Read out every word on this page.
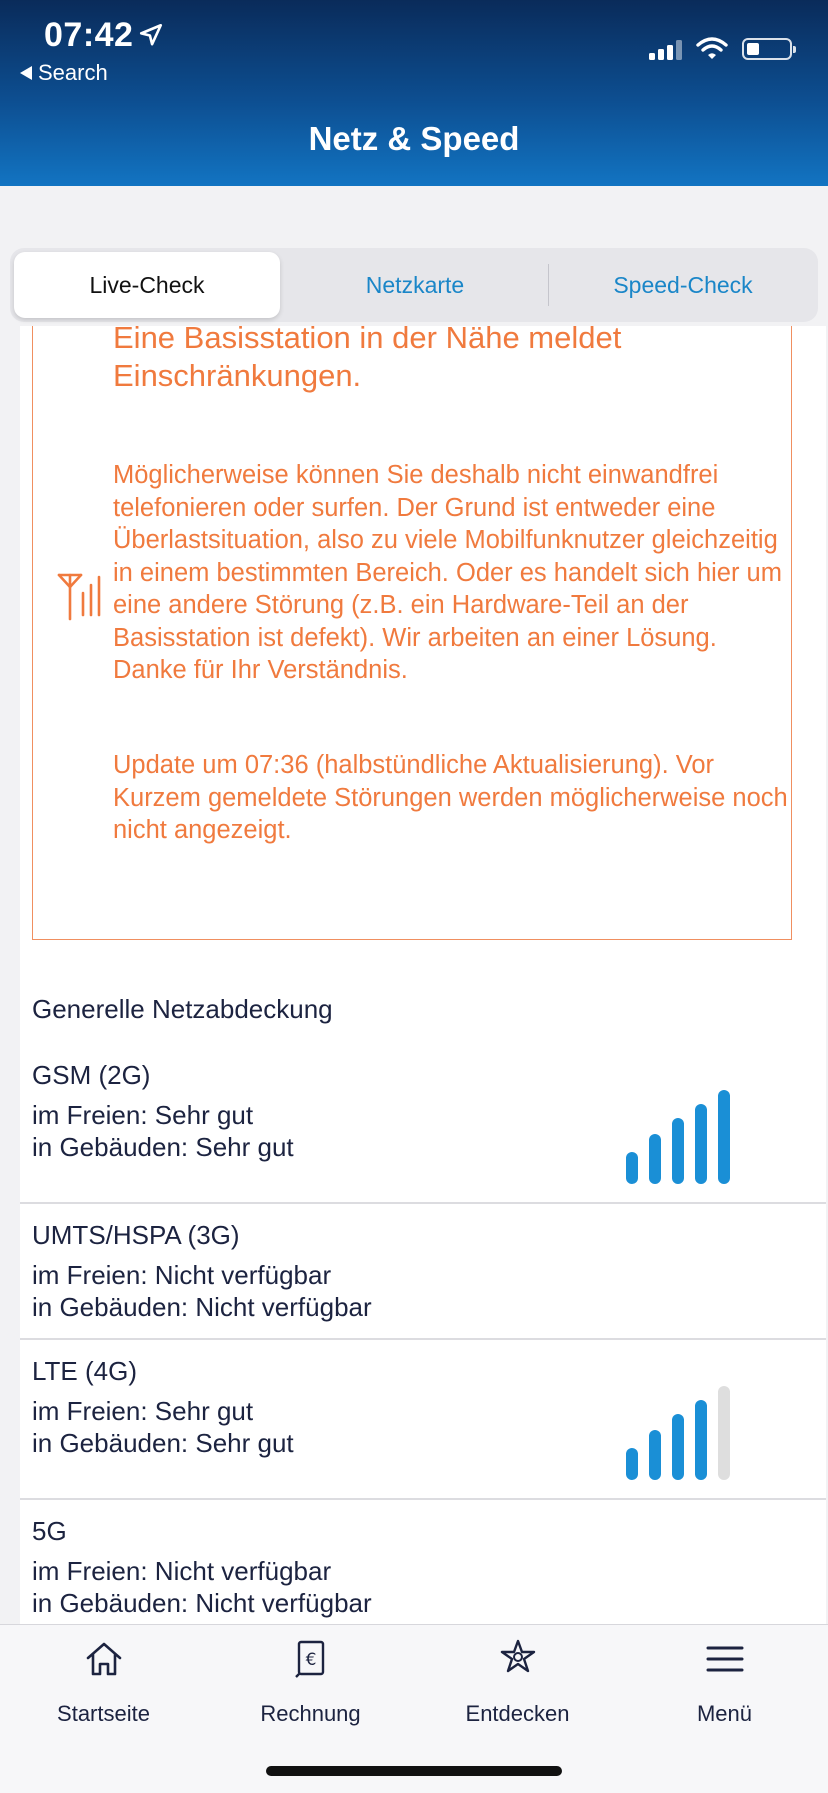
07:42
Search
Netz & Speed
Live-Check	Netzkarte	Speed-Check
Eine Basisstation in der Nähe meldet Einschränkungen.
Möglicherweise können Sie deshalb nicht einwandfrei telefonieren oder surfen. Der Grund ist entweder eine Überlastsituation, also zu viele Mobilfunknutzer gleichzeitig in einem bestimmten Bereich. Oder es handelt sich hier um eine andere Störung (z.B. ein Hardware-Teil an der Basisstation ist defekt). Wir arbeiten an einer Lösung. Danke für Ihr Verständnis.
Update um 07:36 (halbstündliche Aktualisierung). Vor Kurzem gemeldete Störungen werden möglicherweise noch nicht angezeigt.
Generelle Netzabdeckung
GSM (2G)
im Freien: Sehr gut
in Gebäuden: Sehr gut
UMTS/HSPA (3G)
im Freien: Nicht verfügbar
in Gebäuden: Nicht verfügbar
LTE (4G)
im Freien: Sehr gut
in Gebäuden: Sehr gut
5G
im Freien: Nicht verfügbar
in Gebäuden: Nicht verfügbar
Startseite
€
Rechnung	Entdecken	Menü
